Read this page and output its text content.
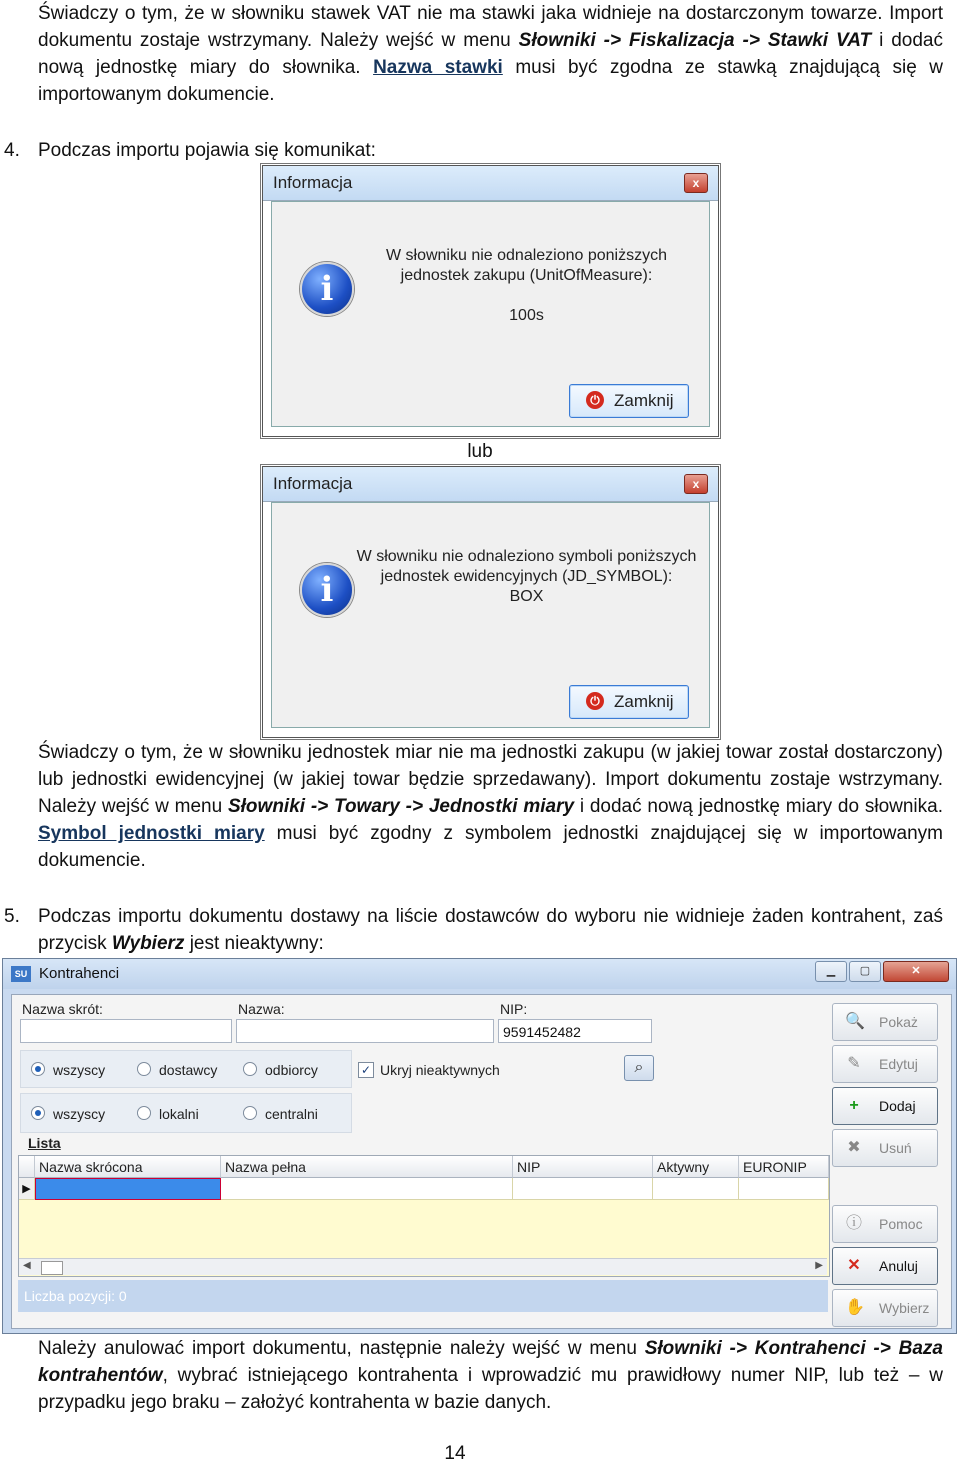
Świadczy o tym, że w słowniku stawek VAT nie ma stawki jaka widnieje na dostarczonym towarze. Import dokumentu zostaje wstrzymany. Należy wejść w menu Słowniki -> Fiskalizacja -> Stawki VAT i dodać nową jednostkę miary do słownika. Nazwa stawki musi być zgodna ze stawką znajdującą się w importowanym dokumencie.
4. Podczas importu pojawia się komunikat:
Informacja	x
i
W słowniku nie odnaleziono poniższych
jednostek zakupu (UnitOfMeasure):
100s
⏻ Zamknij
lub
Informacja	x
i
W słowniku nie odnaleziono symboli poniższych
jednostek ewidencyjnych (JD_SYMBOL):
BOX
⏻ Zamknij
Świadczy o tym, że w słowniku jednostek miar nie ma jednostki zakupu (w jakiej towar został dostarczony) lub jednostki ewidencyjnej (w jakiej towar będzie sprzedawany). Import dokumentu zostaje wstrzymany. Należy wejść w menu Słowniki -> Towary -> Jednostki miary i dodać nową jednostkę miary do słownika. Symbol jednostki miary musi być zgodny z symbolem jednostki znajdującej się w importowanym dokumencie.
5. Podczas importu dokumentu dostawy na liście dostawców do wyboru nie widnieje żaden kontrahent, zaś przycisk Wybierz jest nieaktywny:
SU Kontrahenci	▁	▢	✕
Nazwa skrót:	Nazwa:	NIP:
9591452482
wszyscy	dostawcy	odbiorcy	✓ Ukryj nieaktywnych	⌕
wszyscy	lokalni	centralni
Lista
Nazwa skrócona	Nazwa pełna	NIP	Aktywny	EURONIP
▶
◀	▶
Liczba pozycji: 0
🔍 Pokaż
✎ Edytuj
+	Dodaj
✖ Usuń
ⓘ Pomoc
✕ Anuluj
✋ Wybierz
Należy anulować import dokumentu, następnie należy wejść w menu Słowniki -> Kontrahenci -> Baza kontrahentów, wybrać istniejącego kontrahenta i wprowadzić mu prawidłowy numer NIP, lub też – w przypadku jego braku – założyć kontrahenta w bazie danych.
14
